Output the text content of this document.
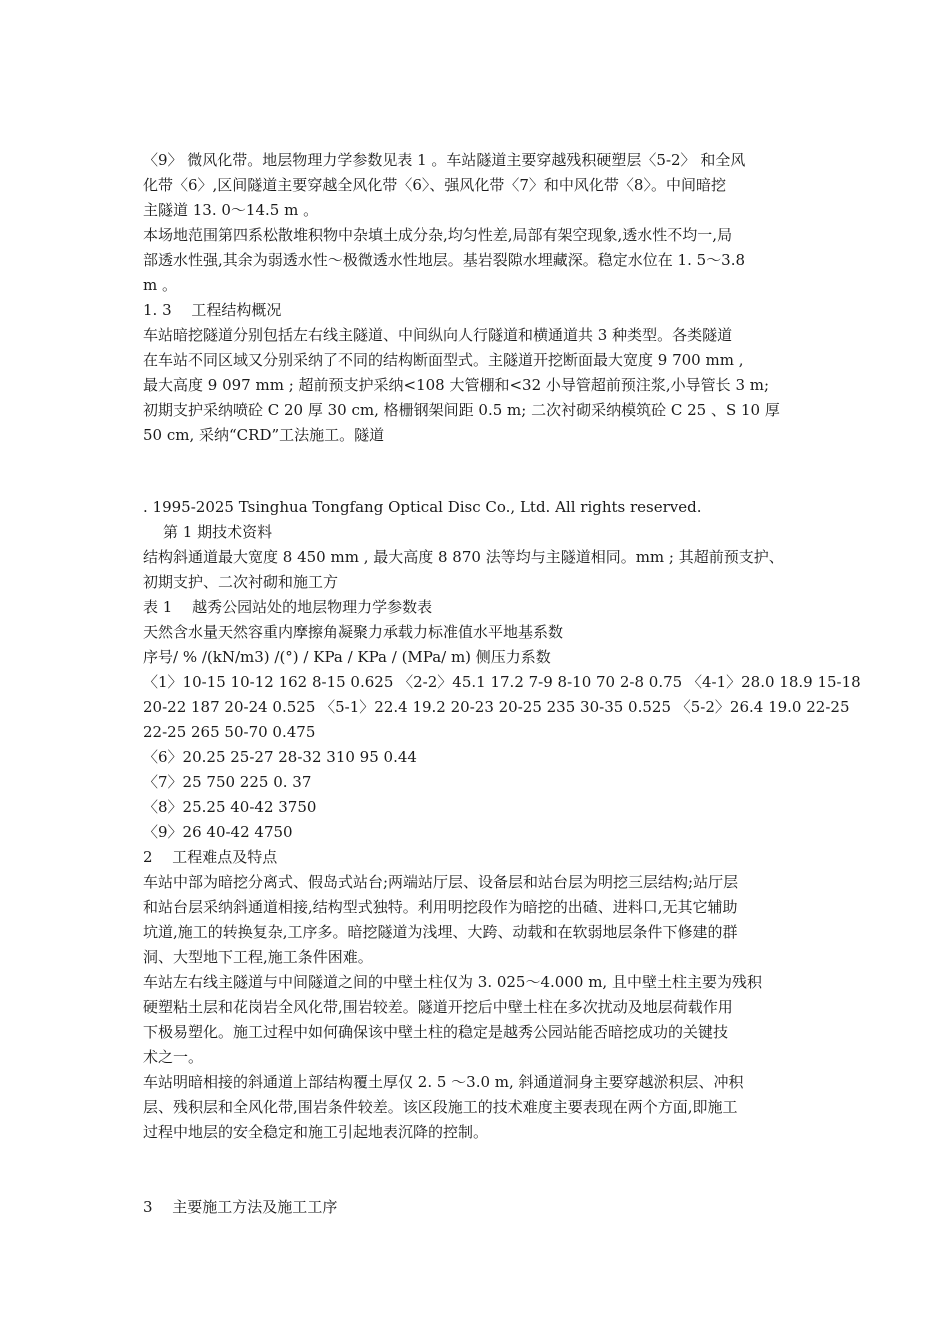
〈9〉 微风化带。地层物理力学参数见表 1 。车站隧道主要穿越残积硬塑层〈5-2〉 和全风
化带〈6〉,区间隧道主要穿越全风化带〈6〉、强风化带〈7〉和中风化带〈8〉。中间暗挖
主隧道 13. 0～14.5 m 。
本场地范围第四系松散堆积物中杂填土成分杂,均匀性差,局部有架空现象,透水性不均一,局
部透水性强,其余为弱透水性～极微透水性地层。基岩裂隙水埋藏深。稳定水位在 1. 5～3.8
m 。
1. 3　 工程结构概况
车站暗挖隧道分别包括左右线主隧道、中间纵向人行隧道和横通道共 3 种类型。各类隧道
在车站不同区域又分别采纳了不同的结构断面型式。主隧道开挖断面最大宽度 9 700 mm ,
最大高度 9 097 mm ; 超前预支护采纳<108 大管棚和<32 小导管超前预注浆,小导管长 3 m;
初期支护采纳喷砼 C 20 厚 30 cm, 格栅钢架间距 0.5 m; 二次衬砌采纳模筑砼 C 25 、S 10 厚
50 cm, 采纳“CRD”工法施工。隧道
. 1995-2025 Tsinghua Tongfang Optical Disc Co., Ltd. All rights reserved.
第 1 期技术资料
结构斜通道最大宽度 8 450 mm , 最大高度 8 870 法等均与主隧道相同。mm ; 其超前预支护、
初期支护、二次衬砌和施工方
表 1　 越秀公园站处的地层物理力学参数表
天然含水量天然容重内摩擦角凝聚力承载力标准值水平地基系数
序号/ % /(kN/m3) /(°) / KPa / KPa / (MPa/ m) 侧压力系数
〈1〉10-15 10-12 162 8-15 0.625 〈2-2〉45.1 17.2 7-9 8-10 70 2-8 0.75 〈4-1〉28.0 18.9 15-18
20-22 187 20-24 0.525 〈5-1〉22.4 19.2 20-23 20-25 235 30-35 0.525 〈5-2〉26.4 19.0 22-25
22-25 265 50-70 0.475
〈6〉20.25 25-27 28-32 310 95 0.44
〈7〉25 750 225 0. 37
〈8〉25.25 40-42 3750
〈9〉26 40-42 4750
2　 工程难点及特点
车站中部为暗挖分离式、假岛式站台;两端站厅层、设备层和站台层为明挖三层结构;站厅层
和站台层采纳斜通道相接,结构型式独特。利用明挖段作为暗挖的出碴、进料口,无其它辅助
坑道,施工的转换复杂,工序多。暗挖隧道为浅埋、大跨、动载和在软弱地层条件下修建的群
洞、大型地下工程,施工条件困难。
车站左右线主隧道与中间隧道之间的中壁土柱仅为 3. 025～4.000 m, 且中壁土柱主要为残积
硬塑粘土层和花岗岩全风化带,围岩较差。隧道开挖后中壁土柱在多次扰动及地层荷载作用
下极易塑化。施工过程中如何确保该中壁土柱的稳定是越秀公园站能否暗挖成功的关键技
术之一。
车站明暗相接的斜通道上部结构覆土厚仅 2. 5 ～3.0 m, 斜通道洞身主要穿越淤积层、冲积
层、残积层和全风化带,围岩条件较差。该区段施工的技术难度主要表现在两个方面,即施工
过程中地层的安全稳定和施工引起地表沉降的控制。
3　 主要施工方法及施工工序
